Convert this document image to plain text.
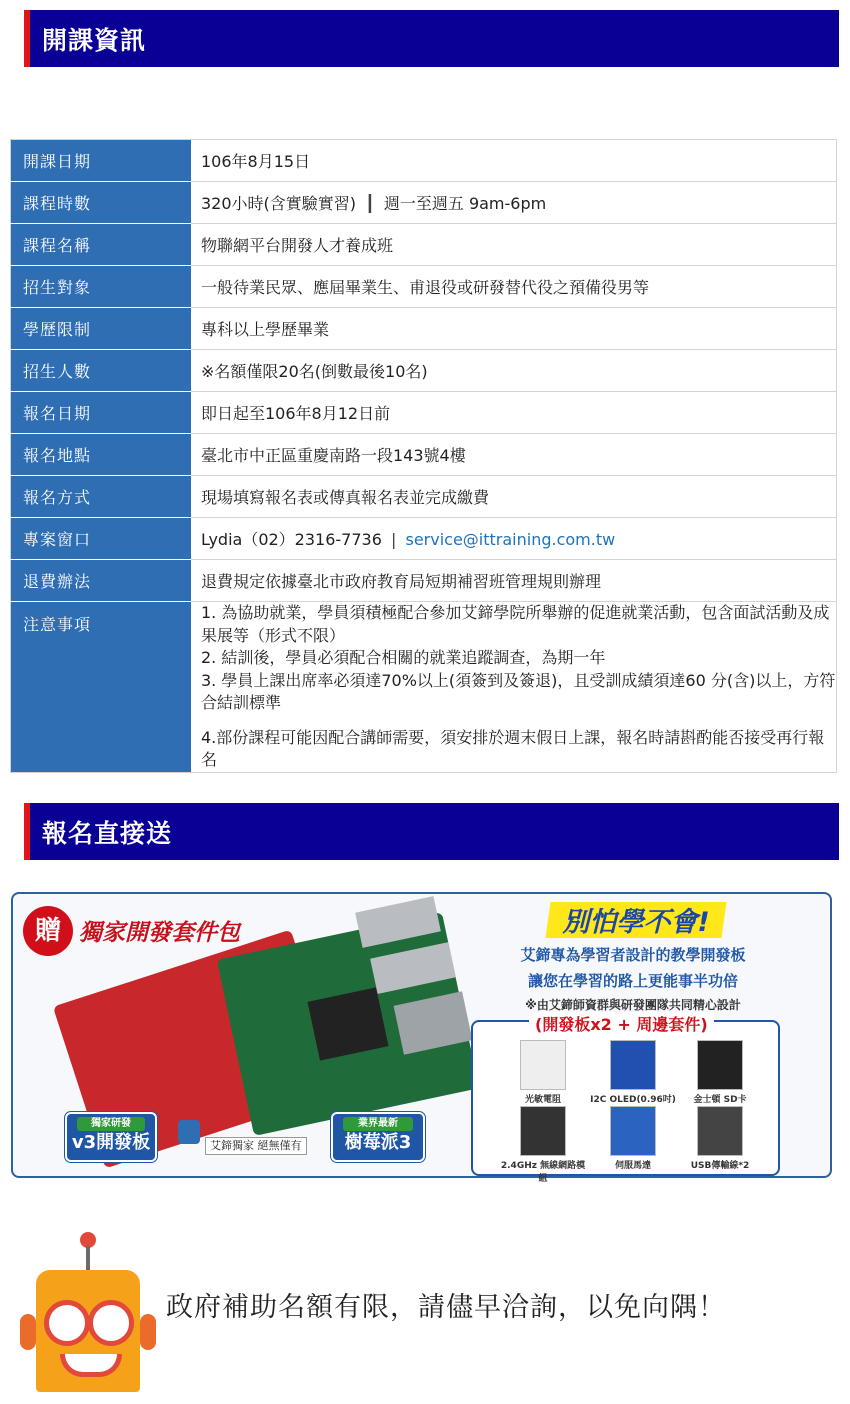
開課資訊
開課日期	106年8月15日
課程時數	320小時(含實驗實習) ┃ 週一至週五 9am-6pm
課程名稱	物聯網平台開發人才養成班
招生對象	一般待業民眾、應屆畢業生、甫退役或研發替代役之預備役男等
學歷限制	專科以上學歷畢業
招生人數	※名額僅限20名(倒數最後10名)
報名日期	即日起至106年8月12日前
報名地點	臺北市中正區重慶南路一段143號4樓
報名方式	現場填寫報名表或傳真報名表並完成繳費
專案窗口	Lydia（02）2316-7736 | service@ittraining.com.tw
退費辦法	退費規定依據臺北市政府教育局短期補習班管理規則辦理
注意事項	1. 為協助就業，學員須積極配合參加艾鍗學院所舉辦的促進就業活動，包含面試活動及成果展等（形式不限）

2. 結訓後，學員必須配合相關的就業追蹤調查，為期一年

3. 學員上課出席率必須達70%以上(須簽到及簽退)，且受訓成績須達60 分(含)以上，方符合結訓標準

4.部份課程可能因配合講師需要，須安排於週末假日上課，報名時請斟酌能否接受再行報名

報名直接送
贈 獨家開發套件包
獨家研發
v3開發板	艾鍗獨家 絕無僅有
業界最新
樹莓派3
別怕學不會!
艾鍗專為學習者設計的教學開發板
讓您在學習的路上更能事半功倍
※由艾鍗師資群與研發團隊共同精心設計
(開發板x2 + 周邊套件)
光敏電阻	I2C OLED(0.96吋)	金士頓 SD卡
2.4GHz 無線網路模組
伺服馬達	USB傳輸線*2
政府補助名額有限，請儘早洽詢，以免向隅！
